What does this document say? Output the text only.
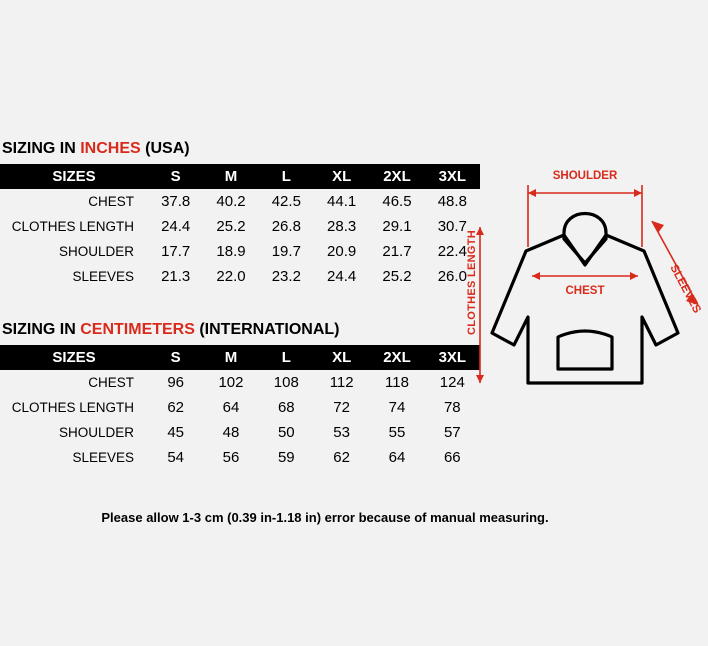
SIZING IN INCHES (USA)
SIZES	S	M	L	XL	2XL	3XL
CHEST	37.8	40.2	42.5	44.1	46.5	48.8
CLOTHES LENGTH	24.4	25.2	26.8	28.3	29.1	30.7
SHOULDER	17.7	18.9	19.7	20.9	21.7	22.4
SLEEVES	21.3	22.0	23.2	24.4	25.2	26.0
SIZING IN CENTIMETERS (INTERNATIONAL)
SIZES	S	M	L	XL	2XL	3XL
CHEST	96	102	108	112	118	124
CLOTHES LENGTH	62	64	68	72	74	78
SHOULDER	45	48	50	53	55	57
SLEEVES	54	56	59	62	64	66
Please allow 1-3 cm (0.39 in-1.18 in) error because of manual measuring.
SHOULDER
SLEEVES
CHEST
CLOTHES LENGTH
